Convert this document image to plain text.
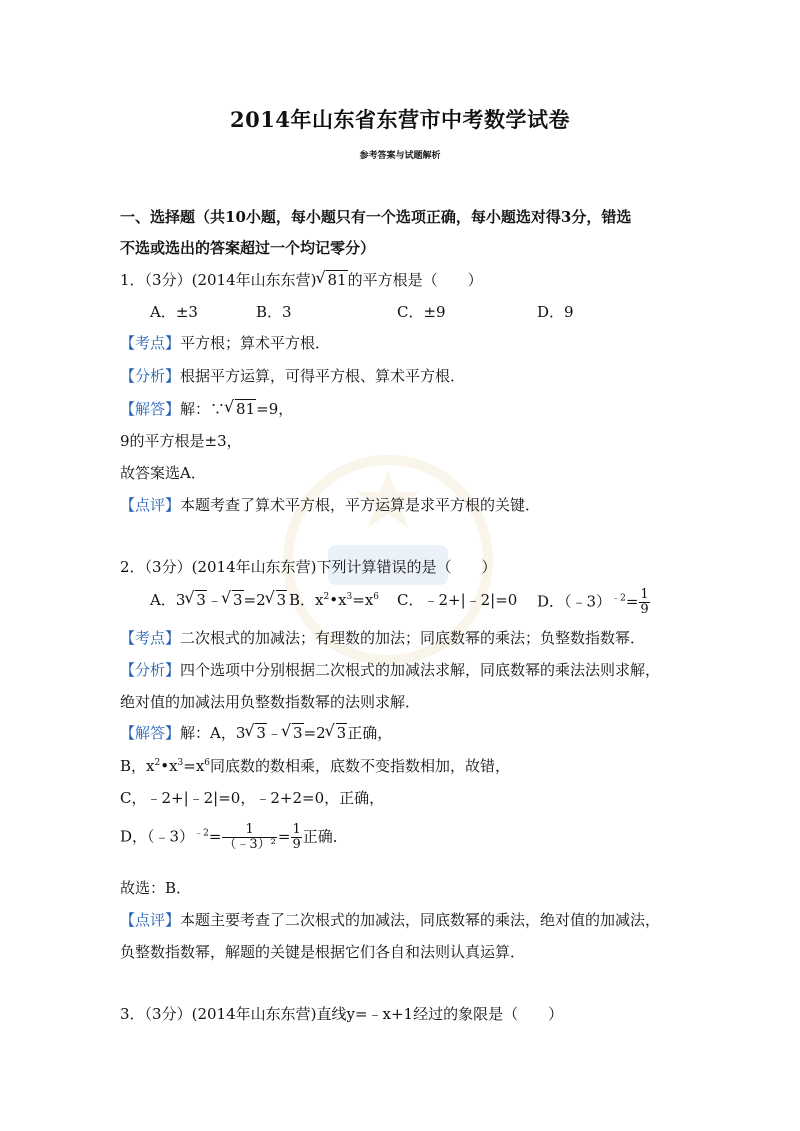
2014年山东省东营市中考数学试卷
参考答案与试题解析
一、选择题（共10小题，每小题只有一个选项正确，每小题选对得3分，错选
不选或选出的答案超过一个均记零分）
1．（3分）(2014年山东东营) √ 81的平方根是（　　）
A．±3	B．3	C．±9	D．9
【考点】平方根；算术平方根．
【分析】根据平方运算，可得平方根、算术平方根．
【解答】解：∵ √ 81=9，
9的平方根是±3，
故答案选A．
【点评】本题考查了算术平方根，平方运算是求平方根的关键．
2．（3分）(2014年山东东营)下列计算错误的是（　　）
A．3 √ 3﹣ √ 3=2 √ 3 B．$x^2•x^3=x^6$ C．﹣2+|﹣2|=0 D．（﹣3）$^{﹣2}$= $\frac{1}{9}$
【考点】二次根式的加减法；有理数的加法；同底数幂的乘法；负整数指数幂．
【分析】四个选项中分别根据二次根式的加减法求解，同底数幂的乘法法则求解，
绝对值的加减法用负整数指数幂的法则求解．
【解答】解：A，3 √ 3﹣ √ 3=2 √ 3正确，
B，$x^2•x^3=x^6$同底数的数相乘，底数不变指数相加，故错，
C，﹣2+|﹣2|=0，﹣2+2=0，正确，
D，（﹣3）$^{﹣2}$= $\frac{1}{\text{（﹣3）²}} = \frac{1}{9}$ 正确．
故选：B．
【点评】本题主要考查了二次根式的加减法，同底数幂的乘法，绝对值的加减法，
负整数指数幂，解题的关键是根据它们各自和法则认真运算．
3．（3分）(2014年山东东营)直线y=﹣x+1经过的象限是（　　）
